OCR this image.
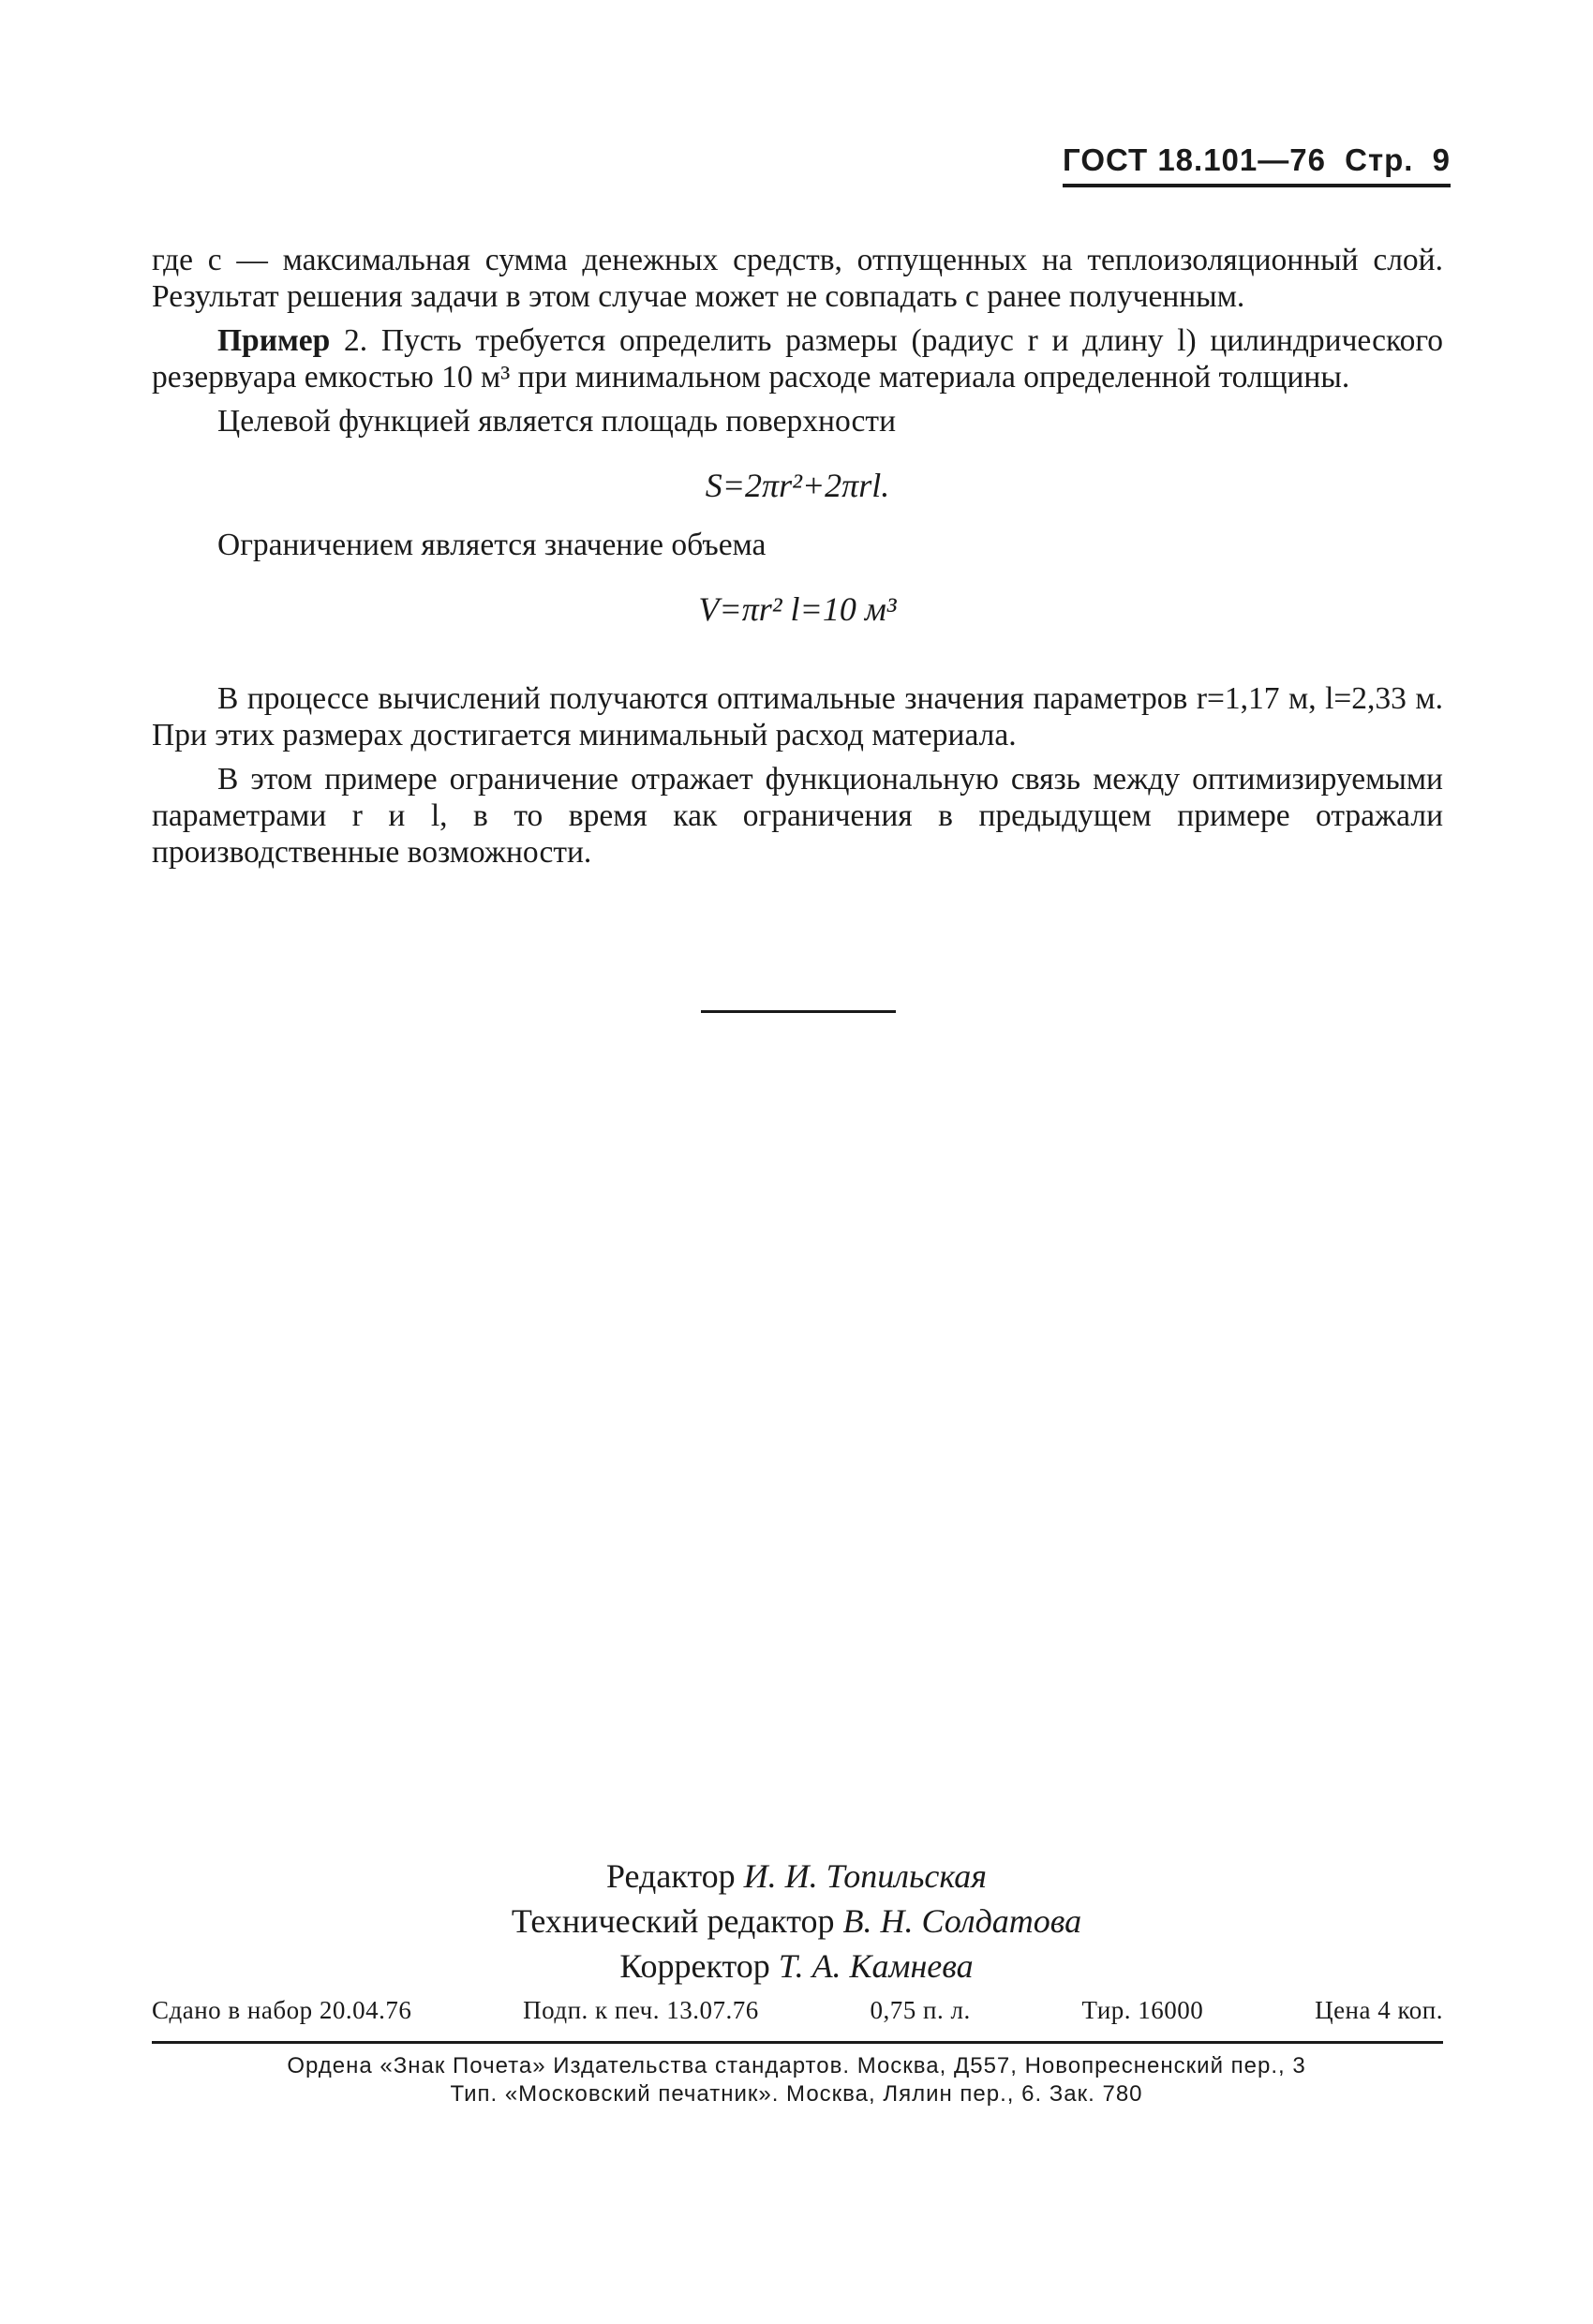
ГОСТ 18.101—76 Стр. 9

где с — максимальная сумма денежных средств, отпущенных на теплоизоляционный слой. Результат решения задачи в этом случае может не совпадать с ранее полученным.

Пример 2. Пусть требуется определить размеры (радиус r и длину l) цилиндрического резервуара емкостью 10 м³ при минимальном расходе материала определенной толщины.

Целевой функцией является площадь поверхности

S=2πr²+2πrl.

Ограничением является значение объема

V=πr² l=10 м³

В процессе вычислений получаются оптимальные значения параметров r=1,17 м, l=2,33 м. При этих размерах достигается минимальный расход материала.

В этом примере ограничение отражает функциональную связь между оптимизируемыми параметрами r и l, в то время как ограничения в предыдущем примере отражали производственные возможности.

Редактор И. И. Топильская
Технический редактор В. Н. Солдатова
Корректор Т. А. Камнева
Сдано в набор 20.04.76	Подп. к печ. 13.07.76	0,75 п. л.	Тир. 16000	Цена 4 коп.
Ордена «Знак Почета» Издательства стандартов. Москва, Д557, Новопресненский пер., 3
Тип. «Московский печатник». Москва, Лялин пер., 6. Зак. 780
